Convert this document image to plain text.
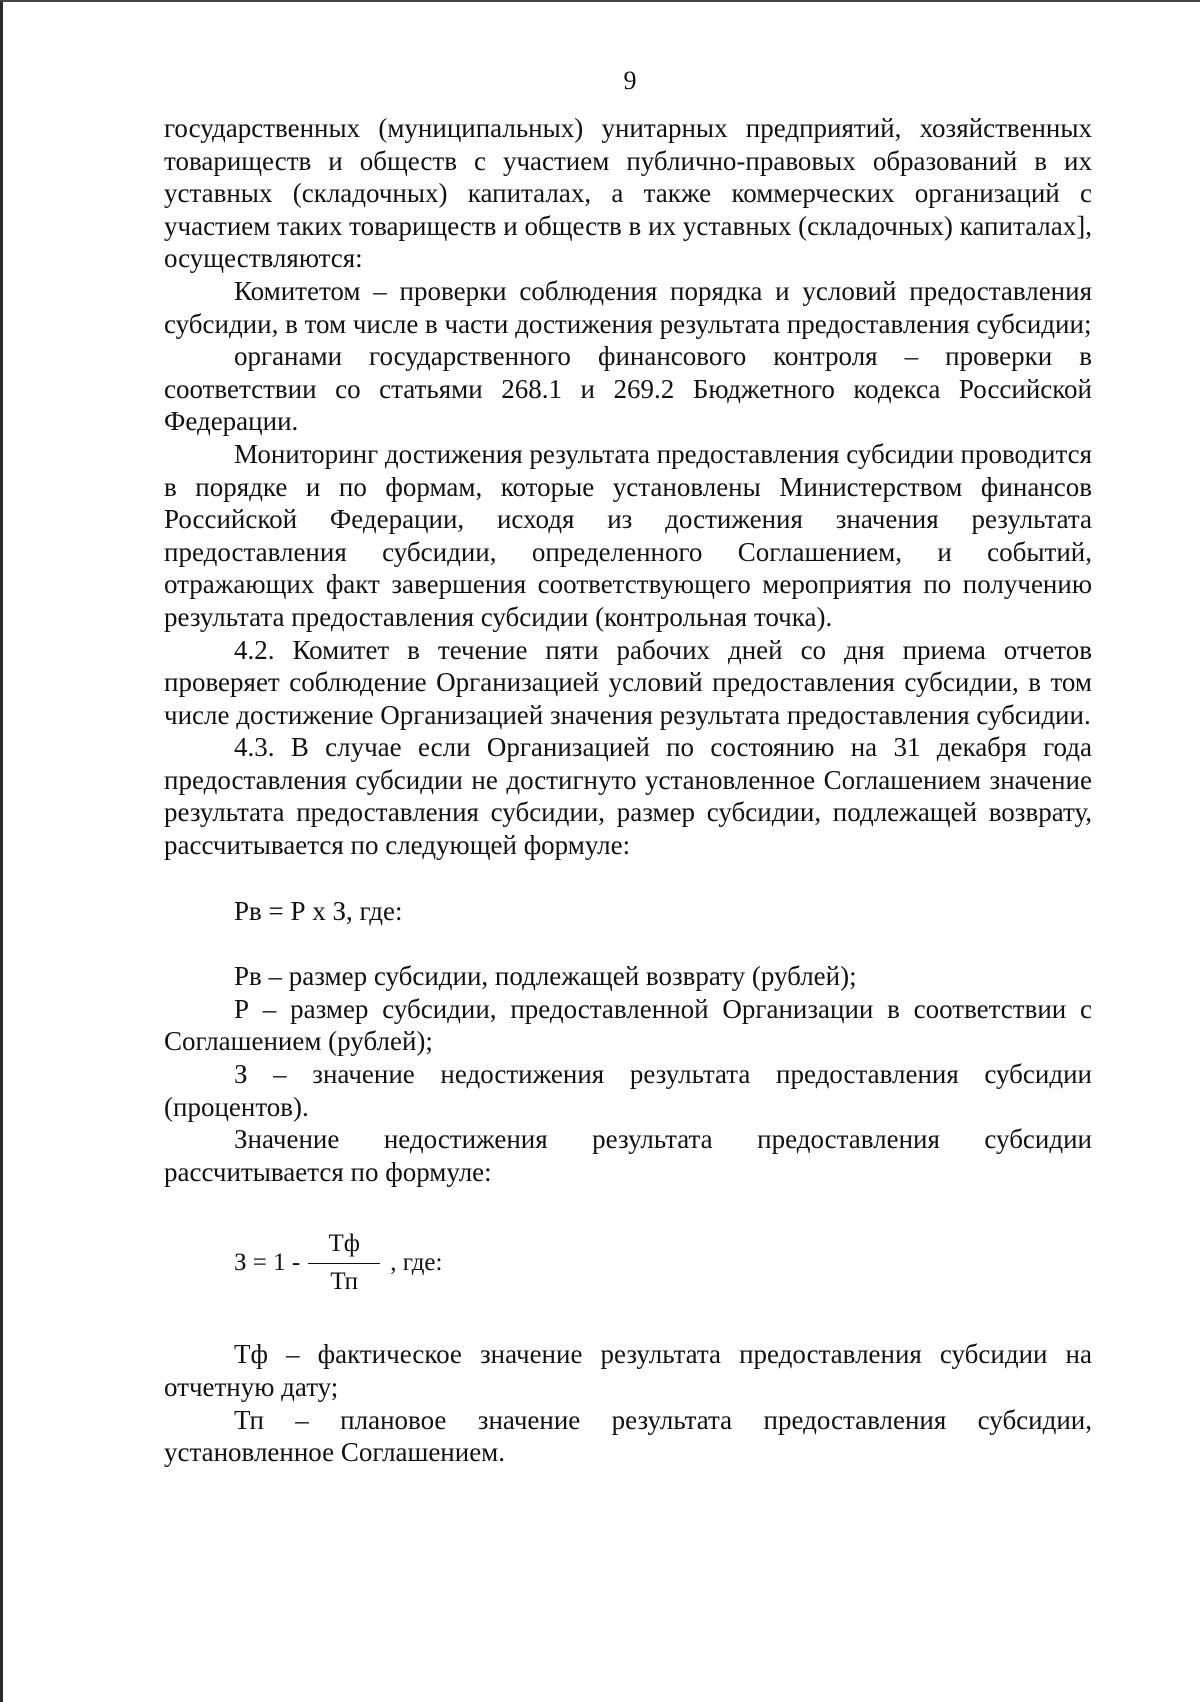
9

государственных (муниципальных) унитарных предприятий, хозяйственных товариществ и обществ с участием публично-правовых образований в их уставных (складочных) капиталах, а также коммерческих организаций с участием таких товариществ и обществ в их уставных (складочных) капиталах], осуществляются:

Комитетом – проверки соблюдения порядка и условий предоставления субсидии, в том числе в части достижения результата предоставления субсидии;

органами государственного финансового контроля – проверки в соответствии со статьями 268.1 и 269.2 Бюджетного кодекса Российской Федерации.

Мониторинг достижения результата предоставления субсидии проводится в порядке и по формам, которые установлены Министерством финансов Российской Федерации, исходя из достижения значения результата предоставления субсидии, определенного Соглашением, и событий, отражающих факт завершения соответствующего мероприятия по получению результата предоставления субсидии (контрольная точка).

4.2. Комитет в течение пяти рабочих дней со дня приема отчетов проверяет соблюдение Организацией условий предоставления субсидии, в том числе достижение Организацией значения результата предоставления субсидии.

4.3. В случае если Организацией по состоянию на 31 декабря года предоставления субсидии не достигнуто установленное Соглашением значение результата предоставления субсидии, размер субсидии, подлежащей возврату, рассчитывается по следующей формуле:

Рв = Р х З, где:

Рв – размер субсидии, подлежащей возврату (рублей);

Р – размер субсидии, предоставленной Организации в соответствии с Соглашением (рублей);

З – значение недостижения результата предоставления субсидии (процентов).

Значение недостижения результата предоставления субсидии рассчитывается по формуле:

$З = 1 - \frac{Тф}{Тп}$ , где:

Тф – фактическое значение результата предоставления субсидии на отчетную дату;

Тп – плановое значение результата предоставления субсидии, установленное Соглашением.
